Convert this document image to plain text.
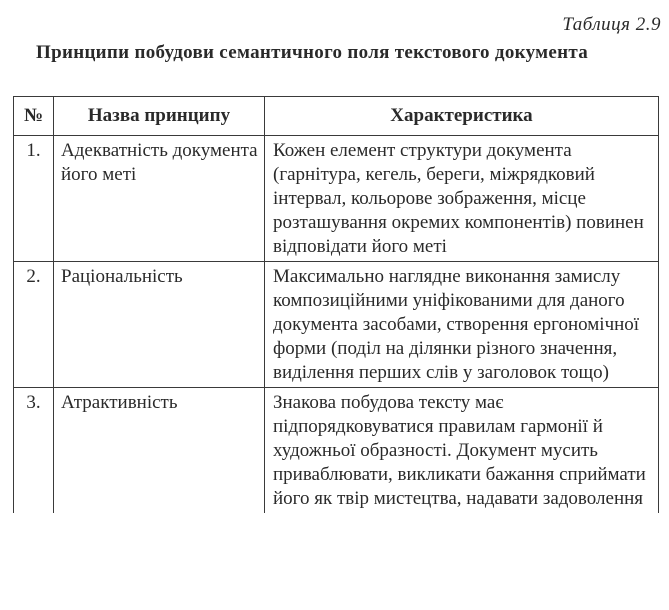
Таблиця 2.9
Принципи побудови семантичного поля текстового документа
№	Назва принципу	Характеристика
1.	Адекватність документа його меті	Кожен елемент структури документа (гарнітура, кегель, береги, міжрядковий інтервал, кольорове зображення, місце розташування окремих компонентів) повинен відповідати його меті
2.	Раціональність	Максимально наглядне виконання замислу композиційними уніфікованими для даного документа засобами, створення ергономічної форми (поділ на ділянки різного значення, виділення перших слів у заголовок тощо)
3.	Атрактивність	Знакова побудова тексту має підпорядковуватися правилам гармонії й художньої образності. Документ мусить приваблювати, викликати бажання сприймати його як твір мистецтва, надавати задоволення
